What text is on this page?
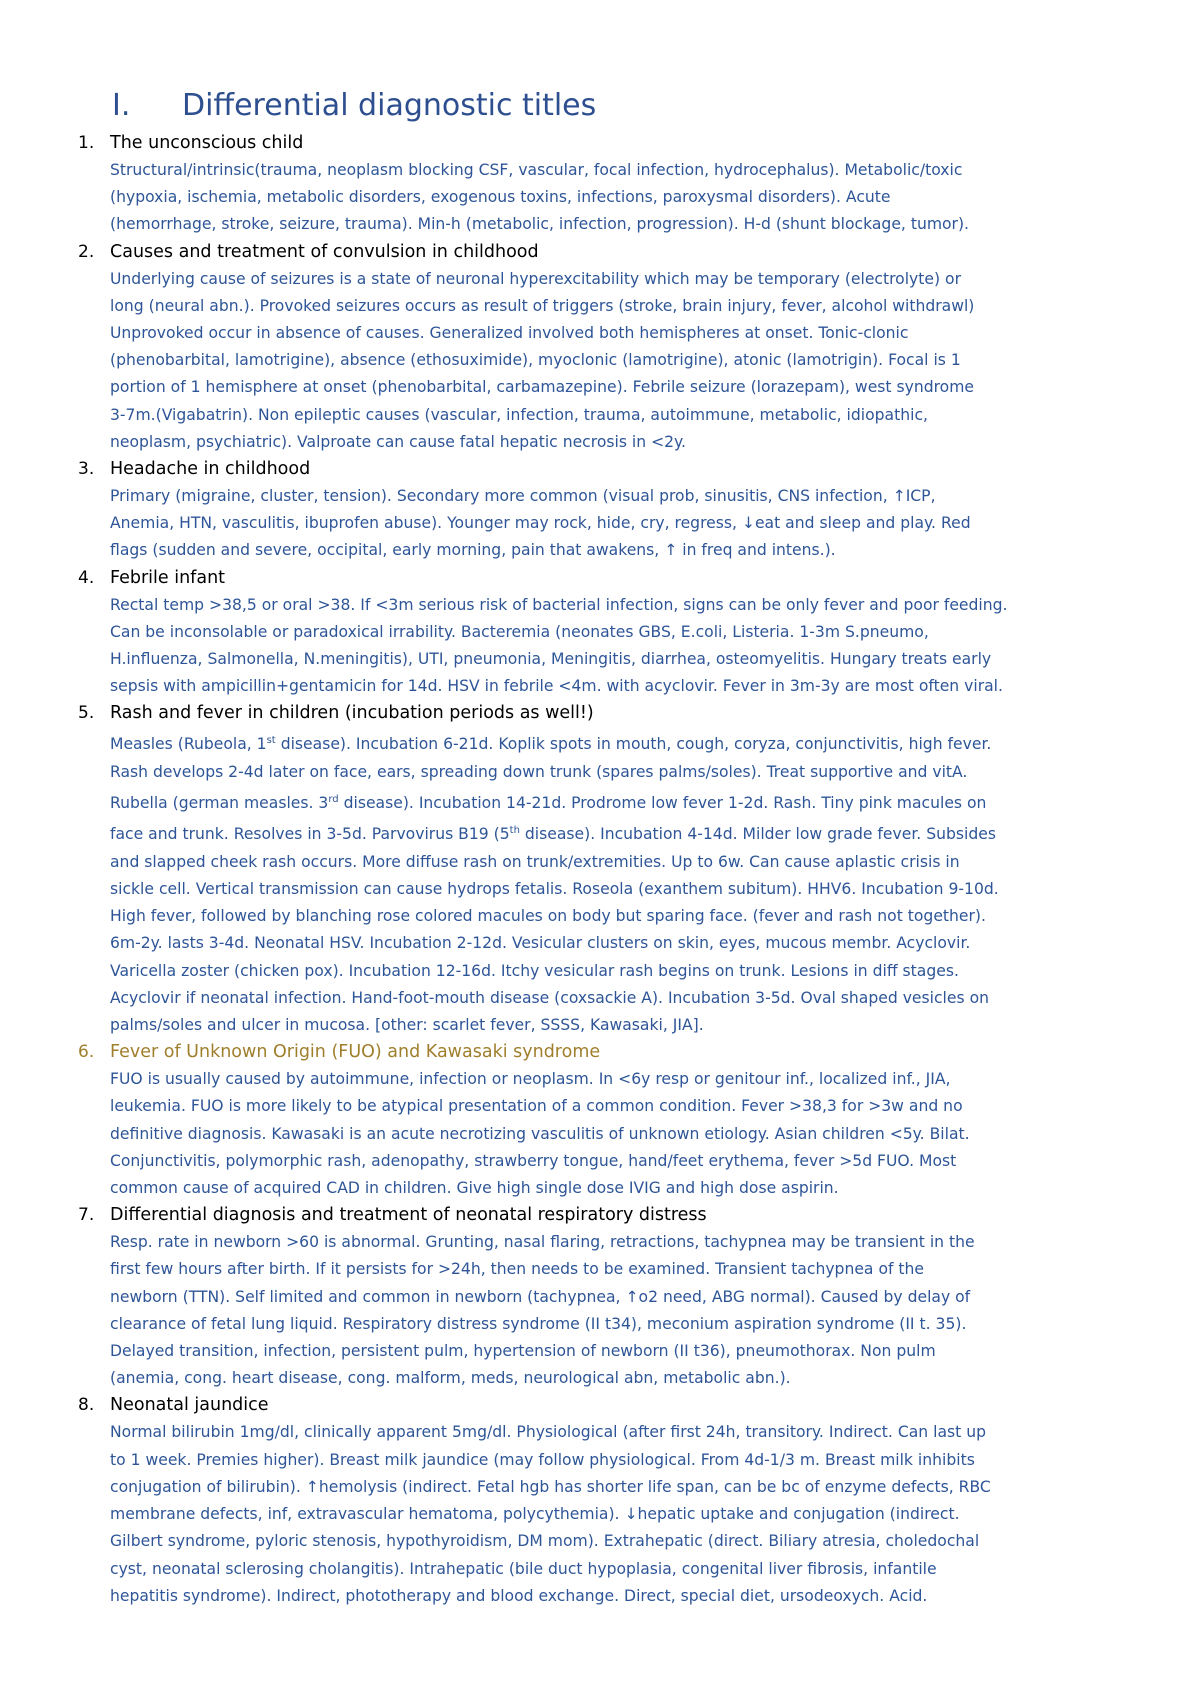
I. Differential diagnostic titles
1. The unconscious child
Structural/intrinsic(trauma, neoplasm blocking CSF, vascular, focal infection, hydrocephalus). Metabolic/toxic
(hypoxia, ischemia, metabolic disorders, exogenous toxins, infections, paroxysmal disorders). Acute
(hemorrhage, stroke, seizure, trauma). Min-h (metabolic, infection, progression). H-d (shunt blockage, tumor).
2. Causes and treatment of convulsion in childhood
Underlying cause of seizures is a state of neuronal hyperexcitability which may be temporary (electrolyte) or
long (neural abn.). Provoked seizures occurs as result of triggers (stroke, brain injury, fever, alcohol withdrawl)
Unprovoked occur in absence of causes. Generalized involved both hemispheres at onset. Tonic-clonic
(phenobarbital, lamotrigine), absence (ethosuximide), myoclonic (lamotrigine), atonic (lamotrigin). Focal is 1
portion of 1 hemisphere at onset (phenobarbital, carbamazepine). Febrile seizure (lorazepam), west syndrome
3-7m.(Vigabatrin). Non epileptic causes (vascular, infection, trauma, autoimmune, metabolic, idiopathic,
neoplasm, psychiatric). Valproate can cause fatal hepatic necrosis in <2y.
3. Headache in childhood
Primary (migraine, cluster, tension). Secondary more common (visual prob, sinusitis, CNS infection, ↑ICP,
Anemia, HTN, vasculitis, ibuprofen abuse). Younger may rock, hide, cry, regress, ↓eat and sleep and play. Red
flags (sudden and severe, occipital, early morning, pain that awakens, ↑ in freq and intens.).
4. Febrile infant
Rectal temp >38,5 or oral >38. If <3m serious risk of bacterial infection, signs can be only fever and poor feeding.
Can be inconsolable or paradoxical irrability. Bacteremia (neonates GBS, E.coli, Listeria. 1-3m S.pneumo,
H.influenza, Salmonella, N.meningitis), UTI, pneumonia, Meningitis, diarrhea, osteomyelitis. Hungary treats early
sepsis with ampicillin+gentamicin for 14d. HSV in febrile <4m. with acyclovir. Fever in 3m-3y are most often viral.
5. Rash and fever in children (incubation periods as well!)
Measles (Rubeola, 1st disease). Incubation 6-21d. Koplik spots in mouth, cough, coryza, conjunctivitis, high fever.
Rash develops 2-4d later on face, ears, spreading down trunk (spares palms/soles). Treat supportive and vitA.
Rubella (german measles. 3rd disease). Incubation 14-21d. Prodrome low fever 1-2d. Rash. Tiny pink macules on
face and trunk. Resolves in 3-5d. Parvovirus B19 (5th disease). Incubation 4-14d. Milder low grade fever. Subsides
and slapped cheek rash occurs. More diffuse rash on trunk/extremities. Up to 6w. Can cause aplastic crisis in
sickle cell. Vertical transmission can cause hydrops fetalis. Roseola (exanthem subitum). HHV6. Incubation 9-10d.
High fever, followed by blanching rose colored macules on body but sparing face. (fever and rash not together).
6m-2y. lasts 3-4d. Neonatal HSV. Incubation 2-12d. Vesicular clusters on skin, eyes, mucous membr. Acyclovir.
Varicella zoster (chicken pox). Incubation 12-16d. Itchy vesicular rash begins on trunk. Lesions in diff stages.
Acyclovir if neonatal infection. Hand-foot-mouth disease (coxsackie A). Incubation 3-5d. Oval shaped vesicles on
palms/soles and ulcer in mucosa. [other: scarlet fever, SSSS, Kawasaki, JIA].
6. Fever of Unknown Origin (FUO) and Kawasaki syndrome
FUO is usually caused by autoimmune, infection or neoplasm. In <6y resp or genitour inf., localized inf., JIA,
leukemia. FUO is more likely to be atypical presentation of a common condition. Fever >38,3 for >3w and no
definitive diagnosis. Kawasaki is an acute necrotizing vasculitis of unknown etiology. Asian children <5y. Bilat.
Conjunctivitis, polymorphic rash, adenopathy, strawberry tongue, hand/feet erythema, fever >5d FUO. Most
common cause of acquired CAD in children. Give high single dose IVIG and high dose aspirin.
7. Differential diagnosis and treatment of neonatal respiratory distress
Resp. rate in newborn >60 is abnormal. Grunting, nasal flaring, retractions, tachypnea may be transient in the
first few hours after birth. If it persists for >24h, then needs to be examined. Transient tachypnea of the
newborn (TTN). Self limited and common in newborn (tachypnea, ↑o2 need, ABG normal). Caused by delay of
clearance of fetal lung liquid. Respiratory distress syndrome (II t34), meconium aspiration syndrome (II t. 35).
Delayed transition, infection, persistent pulm, hypertension of newborn (II t36), pneumothorax. Non pulm
(anemia, cong. heart disease, cong. malform, meds, neurological abn, metabolic abn.).
8. Neonatal jaundice
Normal bilirubin 1mg/dl, clinically apparent 5mg/dl. Physiological (after first 24h, transitory. Indirect. Can last up
to 1 week. Premies higher). Breast milk jaundice (may follow physiological. From 4d-1/3 m. Breast milk inhibits
conjugation of bilirubin). ↑hemolysis (indirect. Fetal hgb has shorter life span, can be bc of enzyme defects, RBC
membrane defects, inf, extravascular hematoma, polycythemia). ↓hepatic uptake and conjugation (indirect.
Gilbert syndrome, pyloric stenosis, hypothyroidism, DM mom). Extrahepatic (direct. Biliary atresia, choledochal
cyst, neonatal sclerosing cholangitis). Intrahepatic (bile duct hypoplasia, congenital liver fibrosis, infantile
hepatitis syndrome). Indirect, phototherapy and blood exchange. Direct, special diet, ursodeoxych. Acid.
